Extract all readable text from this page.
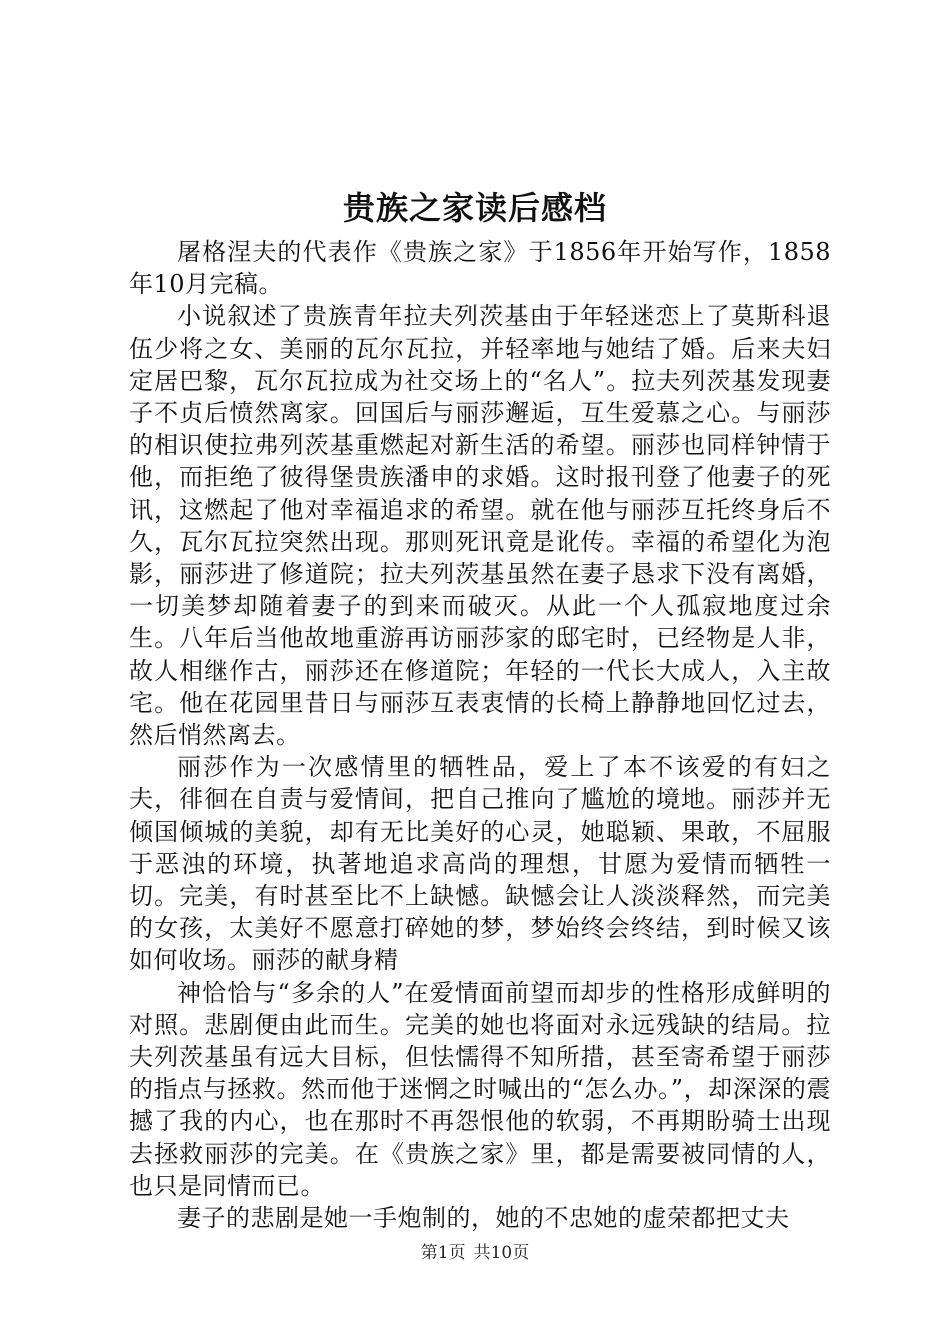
贵族之家读后感档

屠格涅夫的代表作《贵族之家》于1856年开始写作，1858年10月完稿。

小说叙述了贵族青年拉夫列茨基由于年轻迷恋上了莫斯科退伍少将之女、美丽的瓦尔瓦拉，并轻率地与她结了婚。后来夫妇定居巴黎，瓦尔瓦拉成为社交场上的“名人”。拉夫列茨基发现妻子不贞后愤然离家。回国后与丽莎邂逅，互生爱慕之心。与丽莎的相识使拉弗列茨基重燃起对新生活的希望。丽莎也同样钟情于他，而拒绝了彼得堡贵族潘申的求婚。这时报刊登了他妻子的死讯，这燃起了他对幸福追求的希望。就在他与丽莎互托终身后不久，瓦尔瓦拉突然出现。那则死讯竟是讹传。幸福的希望化为泡影，丽莎进了修道院；拉夫列茨基虽然在妻子恳求下没有离婚，一切美梦却随着妻子的到来而破灭。从此一个人孤寂地度过余生。八年后当他故地重游再访丽莎家的邸宅时，已经物是人非，故人相继作古，丽莎还在修道院；年轻的一代长大成人，入主故宅。他在花园里昔日与丽莎互表衷情的长椅上静静地回忆过去，然后悄然离去。

丽莎作为一次感情里的牺牲品，爱上了本不该爱的有妇之夫，徘徊在自责与爱情间，把自己推向了尴尬的境地。丽莎并无倾国倾城的美貌，却有无比美好的心灵，她聪颖、果敢，不屈服于恶浊的环境，执著地追求高尚的理想，甘愿为爱情而牺牲一切。完美，有时甚至比不上缺憾。缺憾会让人淡淡释然，而完美的女孩，太美好不愿意打碎她的梦，梦始终会终结，到时候又该如何收场。丽莎的献身精

神恰恰与“多余的人”在爱情面前望而却步的性格形成鲜明的对照。悲剧便由此而生。完美的她也将面对永远残缺的结局。拉夫列茨基虽有远大目标，但怯懦得不知所措，甚至寄希望于丽莎的指点与拯救。然而他于迷惘之时喊出的“怎么办。”，却深深的震撼了我的内心，也在那时不再怨恨他的软弱，不再期盼骑士出现去拯救丽莎的完美。在《贵族之家》里，都是需要被同情的人，也只是同情而已。

妻子的悲剧是她一手炮制的，她的不忠她的虚荣都把丈夫

第1页 共10页
